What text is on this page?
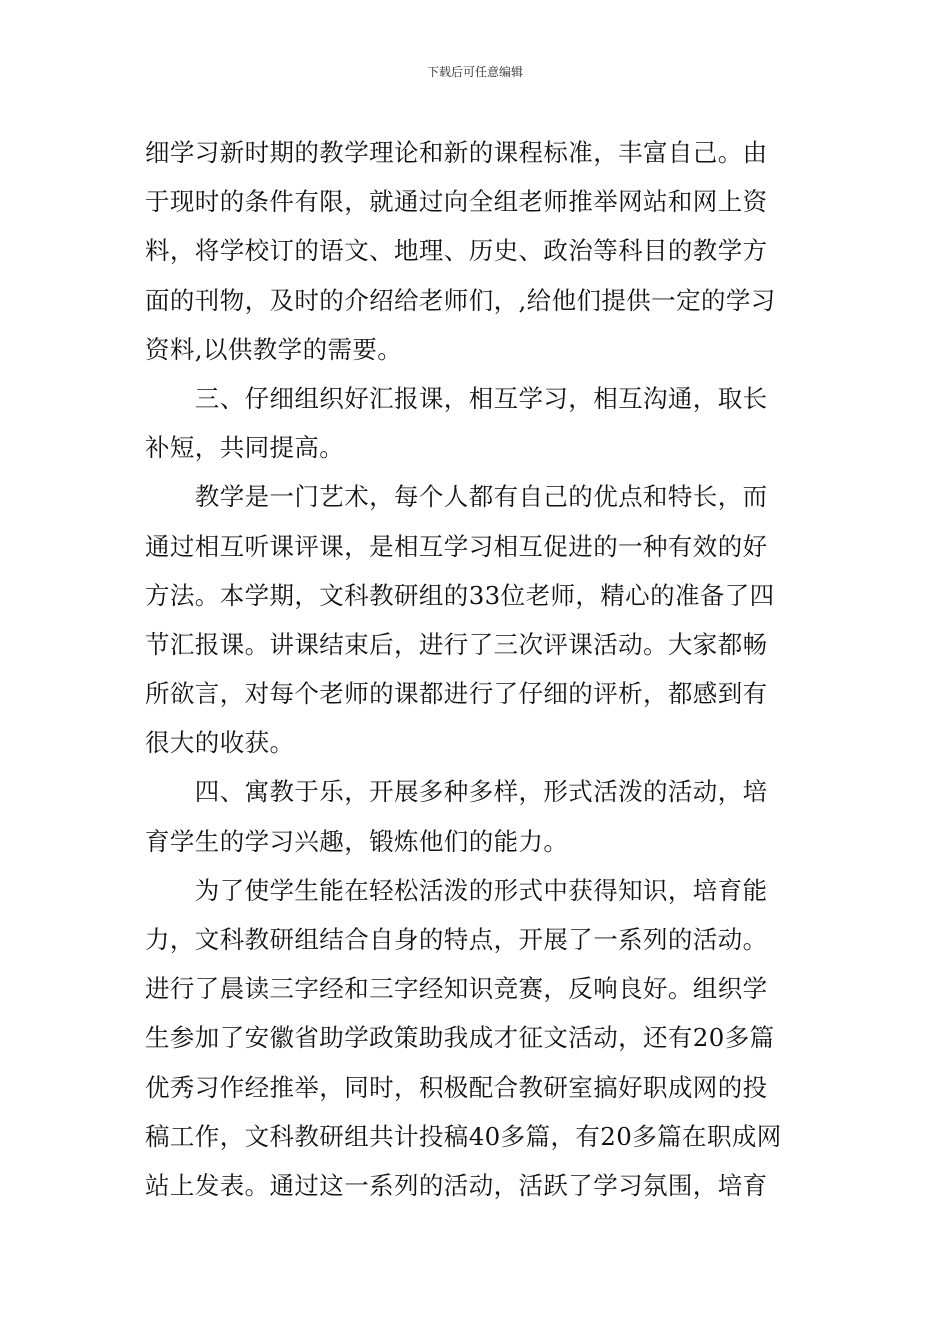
下载后可任意编辑
细学习新时期的教学理论和新的课程标准，丰富自己。由
于现时的条件有限，就通过向全组老师推举网站和网上资
料，将学校订的语文、地理、历史、政治等科目的教学方
面的刊物，及时的介绍给老师们，,给他们提供一定的学习
资料,以供教学的需要。
　　三、仔细组织好汇报课，相互学习，相互沟通，取长
补短，共同提高。
　　教学是一门艺术，每个人都有自己的优点和特长，而
通过相互听课评课，是相互学习相互促进的一种有效的好
方法。本学期，文科教研组的33位老师，精心的准备了四
节汇报课。讲课结束后，进行了三次评课活动。大家都畅
所欲言，对每个老师的课都进行了仔细的评析，都感到有
很大的收获。
　　四、寓教于乐，开展多种多样，形式活泼的活动，培
育学生的学习兴趣，锻炼他们的能力。
　　为了使学生能在轻松活泼的形式中获得知识，培育能
力，文科教研组结合自身的特点，开展了一系列的活动。
进行了晨读三字经和三字经知识竞赛，反响良好。组织学
生参加了安徽省助学政策助我成才征文活动，还有20多篇
优秀习作经推举，同时，积极配合教研室搞好职成网的投
稿工作，文科教研组共计投稿40多篇，有20多篇在职成网
站上发表。通过这一系列的活动，活跃了学习氛围，培育
